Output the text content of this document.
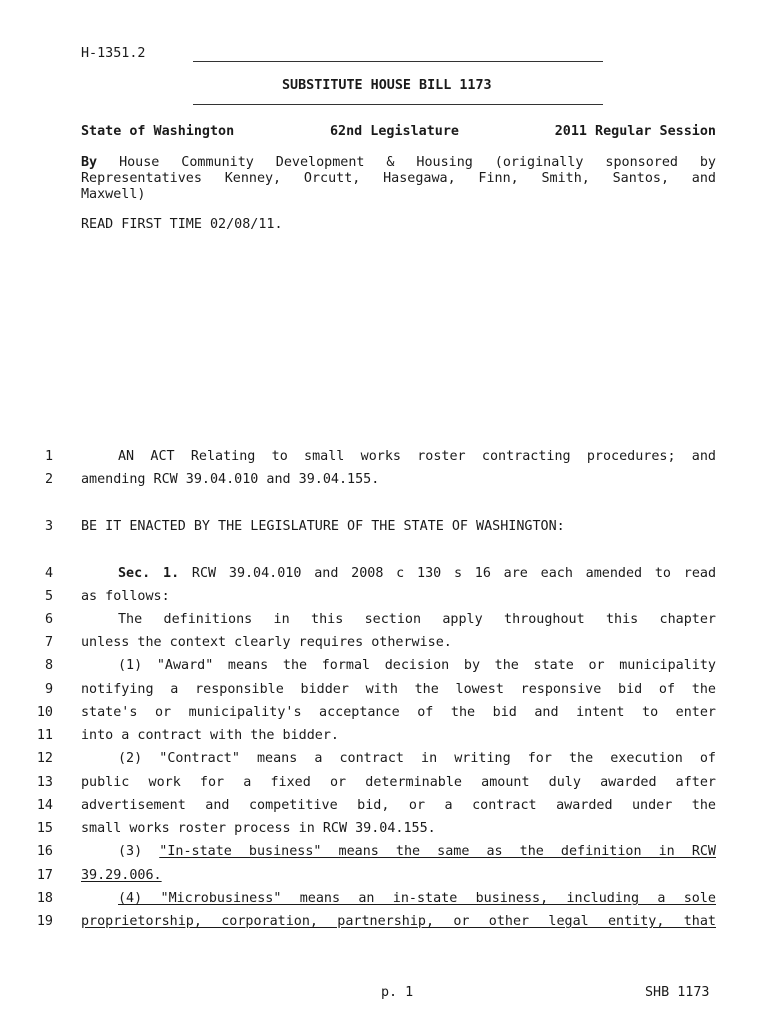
H-1351.2
SUBSTITUTE HOUSE BILL 1173
State of Washington	62nd Legislature	2011 Regular Session
By House Community Development & Housing (originally sponsored by
Representatives Kenney, Orcutt, Hasegawa, Finn, Smith, Santos, and
Maxwell)
READ FIRST TIME 02/08/11.
1	AN ACT Relating to small works roster contracting procedures; and
2 amending RCW 39.04.010 and 39.04.155.
3 BE IT ENACTED BY THE LEGISLATURE OF THE STATE OF WASHINGTON:
4	Sec. 1. RCW 39.04.010 and 2008 c 130 s 16 are each amended to read
5 as follows:
6	The definitions in this section apply throughout this chapter
7 unless the context clearly requires otherwise.
8	(1) "Award" means the formal decision by the state or municipality
9 notifying a responsible bidder with the lowest responsive bid of the
10 state's or municipality's acceptance of the bid and intent to enter
11 into a contract with the bidder.
12	(2) "Contract" means a contract in writing for the execution of
13 public work for a fixed or determinable amount duly awarded after
14 advertisement and competitive bid, or a contract awarded under the
15 small works roster process in RCW 39.04.155.
16	(3) "In-state business" means the same as the definition in RCW
17 39.29.006.
18	(4) "Microbusiness" means an in-state business, including a sole
19 proprietorship, corporation, partnership, or other legal entity, that
p. 1	SHB 1173
